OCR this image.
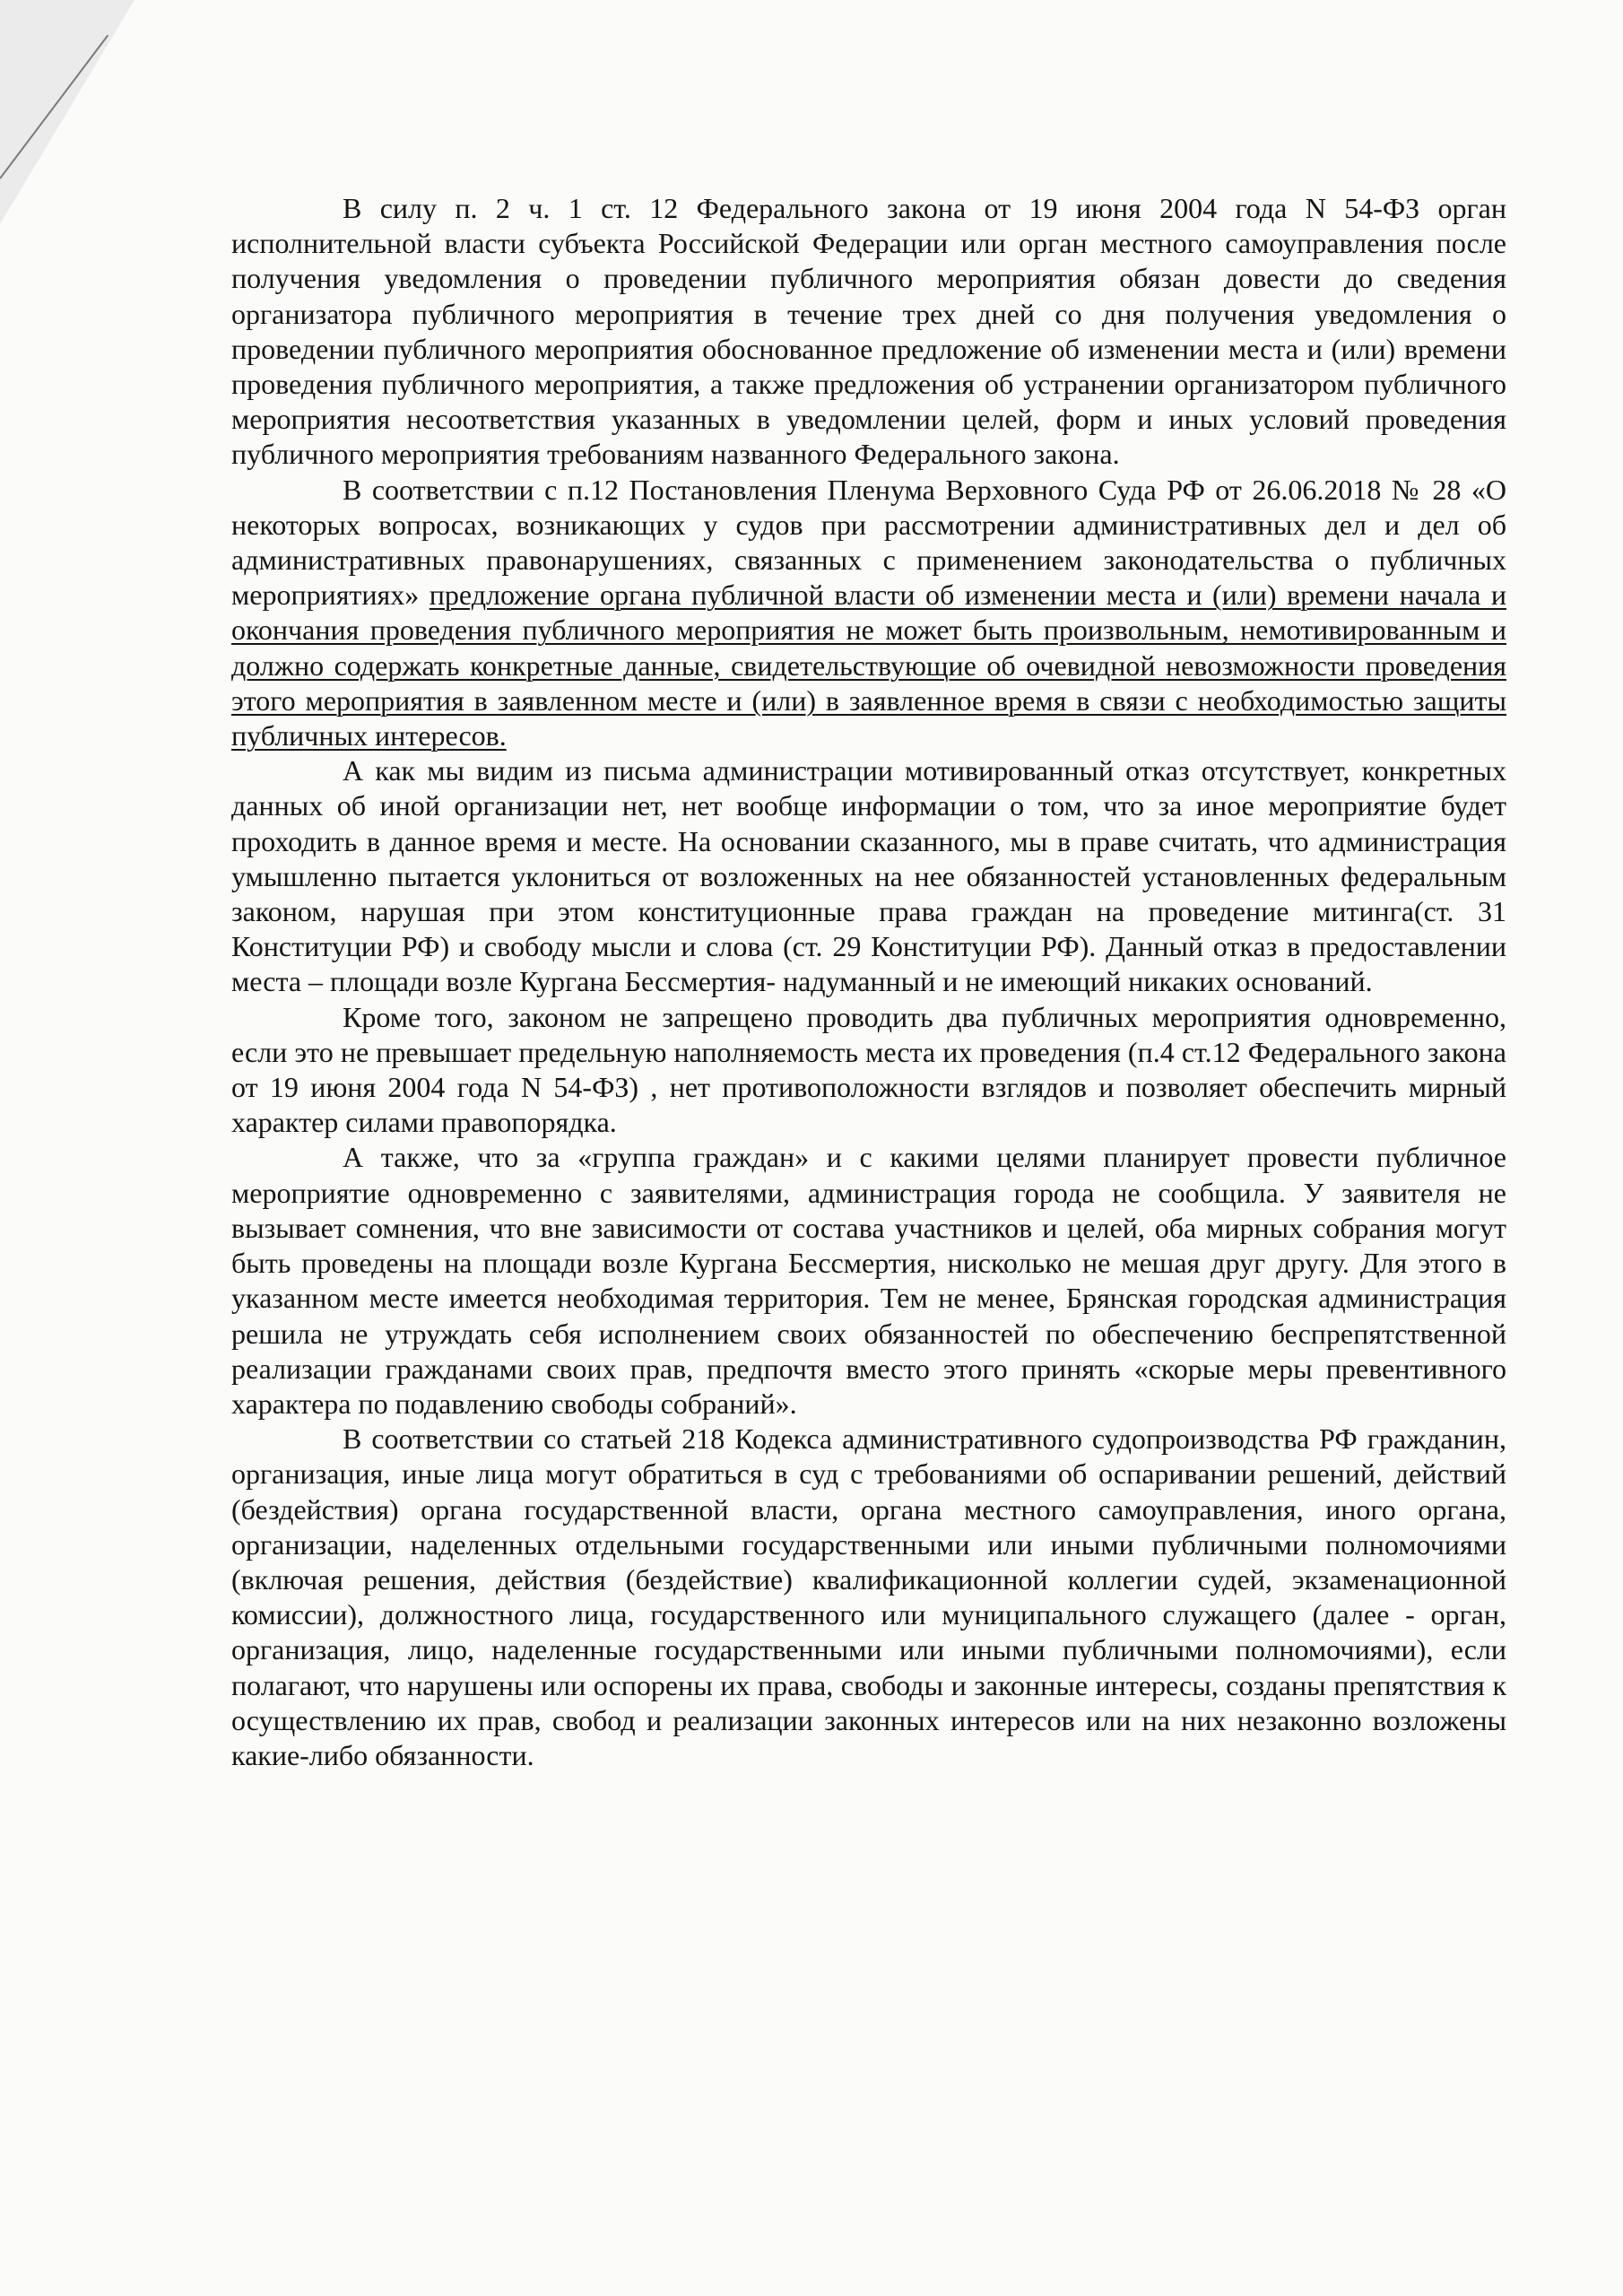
В силу п. 2 ч. 1 ст. 12 Федерального закона от 19 июня 2004 года N 54-ФЗ орган исполнительной власти субъекта Российской Федерации или орган местного самоуправления после получения уведомления о проведении публичного мероприятия обязан довести до сведения организатора публичного мероприятия в течение трех дней со дня получения уведомления о проведении публичного мероприятия обоснованное предложение об изменении места и (или) времени проведения публичного мероприятия, а также предложения об устранении организатором публичного мероприятия несоответствия указанных в уведомлении целей, форм и иных условий проведения публичного мероприятия требованиям названного Федерального закона.

В соответствии с п.12 Постановления Пленума Верховного Суда РФ от 26.06.2018 № 28 «О некоторых вопросах, возникающих у судов при рассмотрении административных дел и дел об административных правонарушениях, связанных с применением законодательства о публичных мероприятиях» предложение органа публичной власти об изменении места и (или) времени начала и окончания проведения публичного мероприятия не может быть произвольным, немотивированным и должно содержать конкретные данные, свидетельствующие об очевидной невозможности проведения этого мероприятия в заявленном месте и (или) в заявленное время в связи с необходимостью защиты публичных интересов.

А как мы видим из письма администрации мотивированный отказ отсутствует, конкретных данных об иной организации нет, нет вообще информации о том, что за иное мероприятие будет проходить в данное время и месте. На основании сказанного, мы в праве считать, что администрация умышленно пытается уклониться от возложенных на нее обязанностей установленных федеральным законом, нарушая при этом конституционные права граждан на проведение митинга(ст. 31 Конституции РФ) и свободу мысли и слова (ст. 29 Конституции РФ). Данный отказ в предоставлении места – площади возле Кургана Бессмертия- надуманный и не имеющий никаких оснований.

Кроме того, законом не запрещено проводить два публичных мероприятия одновременно, если это не превышает предельную наполняемость места их проведения (п.4 ст.12 Федерального закона от 19 июня 2004 года N 54-ФЗ) , нет противоположности взглядов и позволяет обеспечить мирный характер силами правопорядка.

А также, что за «группа граждан» и с какими целями планирует провести публичное мероприятие одновременно с заявителями, администрация города не сообщила. У заявителя не вызывает сомнения, что вне зависимости от состава участников и целей, оба мирных собрания могут быть проведены на площади возле Кургана Бессмертия, нисколько не мешая друг другу. Для этого в указанном месте имеется необходимая территория. Тем не менее, Брянская городская администрация решила не утруждать себя исполнением своих обязанностей по обеспечению беспрепятственной реализации гражданами своих прав, предпочтя вместо этого принять «скорые меры превентивного характера по подавлению свободы собраний».

В соответствии со статьей 218 Кодекса административного судопроизводства РФ гражданин, организация, иные лица могут обратиться в суд с требованиями об оспаривании решений, действий (бездействия) органа государственной власти, органа местного самоуправления, иного органа, организации, наделенных отдельными государственными или иными публичными полномочиями (включая решения, действия (бездействие) квалификационной коллегии судей, экзаменационной комиссии), должностного лица, государственного или муниципального служащего (далее - орган, организация, лицо, наделенные государственными или иными публичными полномочиями), если полагают, что нарушены или оспорены их права, свободы и законные интересы, созданы препятствия к осуществлению их прав, свобод и реализации законных интересов или на них незаконно возложены какие-либо обязанности.
